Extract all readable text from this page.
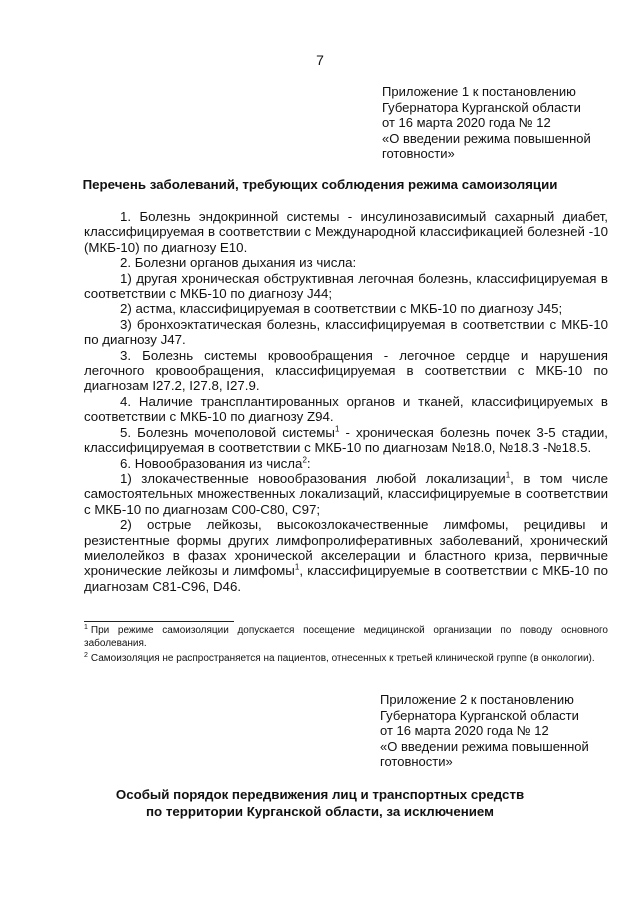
7
Приложение 1 к постановлению
Губернатора Курганской области
от 16 марта 2020 года № 12
«О введении режима повышенной
готовности»
Перечень заболеваний, требующих соблюдения режима самоизоляции

1. Болезнь эндокринной системы - инсулинозависимый сахарный диабет, классифицируемая в соответствии с Международной классификацией болезней -10 (МКБ-10) по диагнозу Е10.

2. Болезни органов дыхания из числа:

1) другая хроническая обструктивная легочная болезнь, классифицируемая в соответствии с МКБ-10 по диагнозу J44;

2) астма, классифицируемая в соответствии с МКБ-10 по диагнозу J45;

3) бронхоэктатическая болезнь, классифицируемая в соответствии с МКБ-10 по диагнозу J47.

3. Болезнь системы кровообращения - легочное сердце и нарушения легочного кровообращения, классифицируемая в соответствии с МКБ-10 по диагнозам I27.2, I27.8, I27.9.

4. Наличие трансплантированных органов и тканей, классифицируемых в соответствии с МКБ-10 по диагнозу Z94.

5. Болезнь мочеполовой системы$^1$ - хроническая болезнь почек 3-5 стадии, классифицируемая в соответствии с МКБ-10 по диагнозам №18.0, №18.3 -№18.5.

6. Новообразования из числа$^2$:

1) злокачественные новообразования любой локализации$^1$, в том числе самостоятельных множественных локализаций, классифицируемые в соответствии с МКБ-10 по диагнозам С00-С80, С97;

2) острые лейкозы, высокозлокачественные лимфомы, рецидивы и резистентные формы других лимфопролиферативных заболеваний, хронический миелолейкоз в фазах хронической акселерации и бластного криза, первичные хронические лейкозы и лимфомы$^1$, классифицируемые в соответствии с МКБ-10 по диагнозам С81-С96, D46.

$^1$ При режиме самоизоляции допускается посещение медицинской организации по поводу основного заболевания.

$^2$ Самоизоляция не распространяется на пациентов, отнесенных к третьей клинической группе (в онкологии).

Приложение 2 к постановлению
Губернатора Курганской области
от 16 марта 2020 года № 12
«О введении режима повышенной
готовности»
Особый порядок передвижения лиц и транспортных средств
по территории Курганской области, за исключением
